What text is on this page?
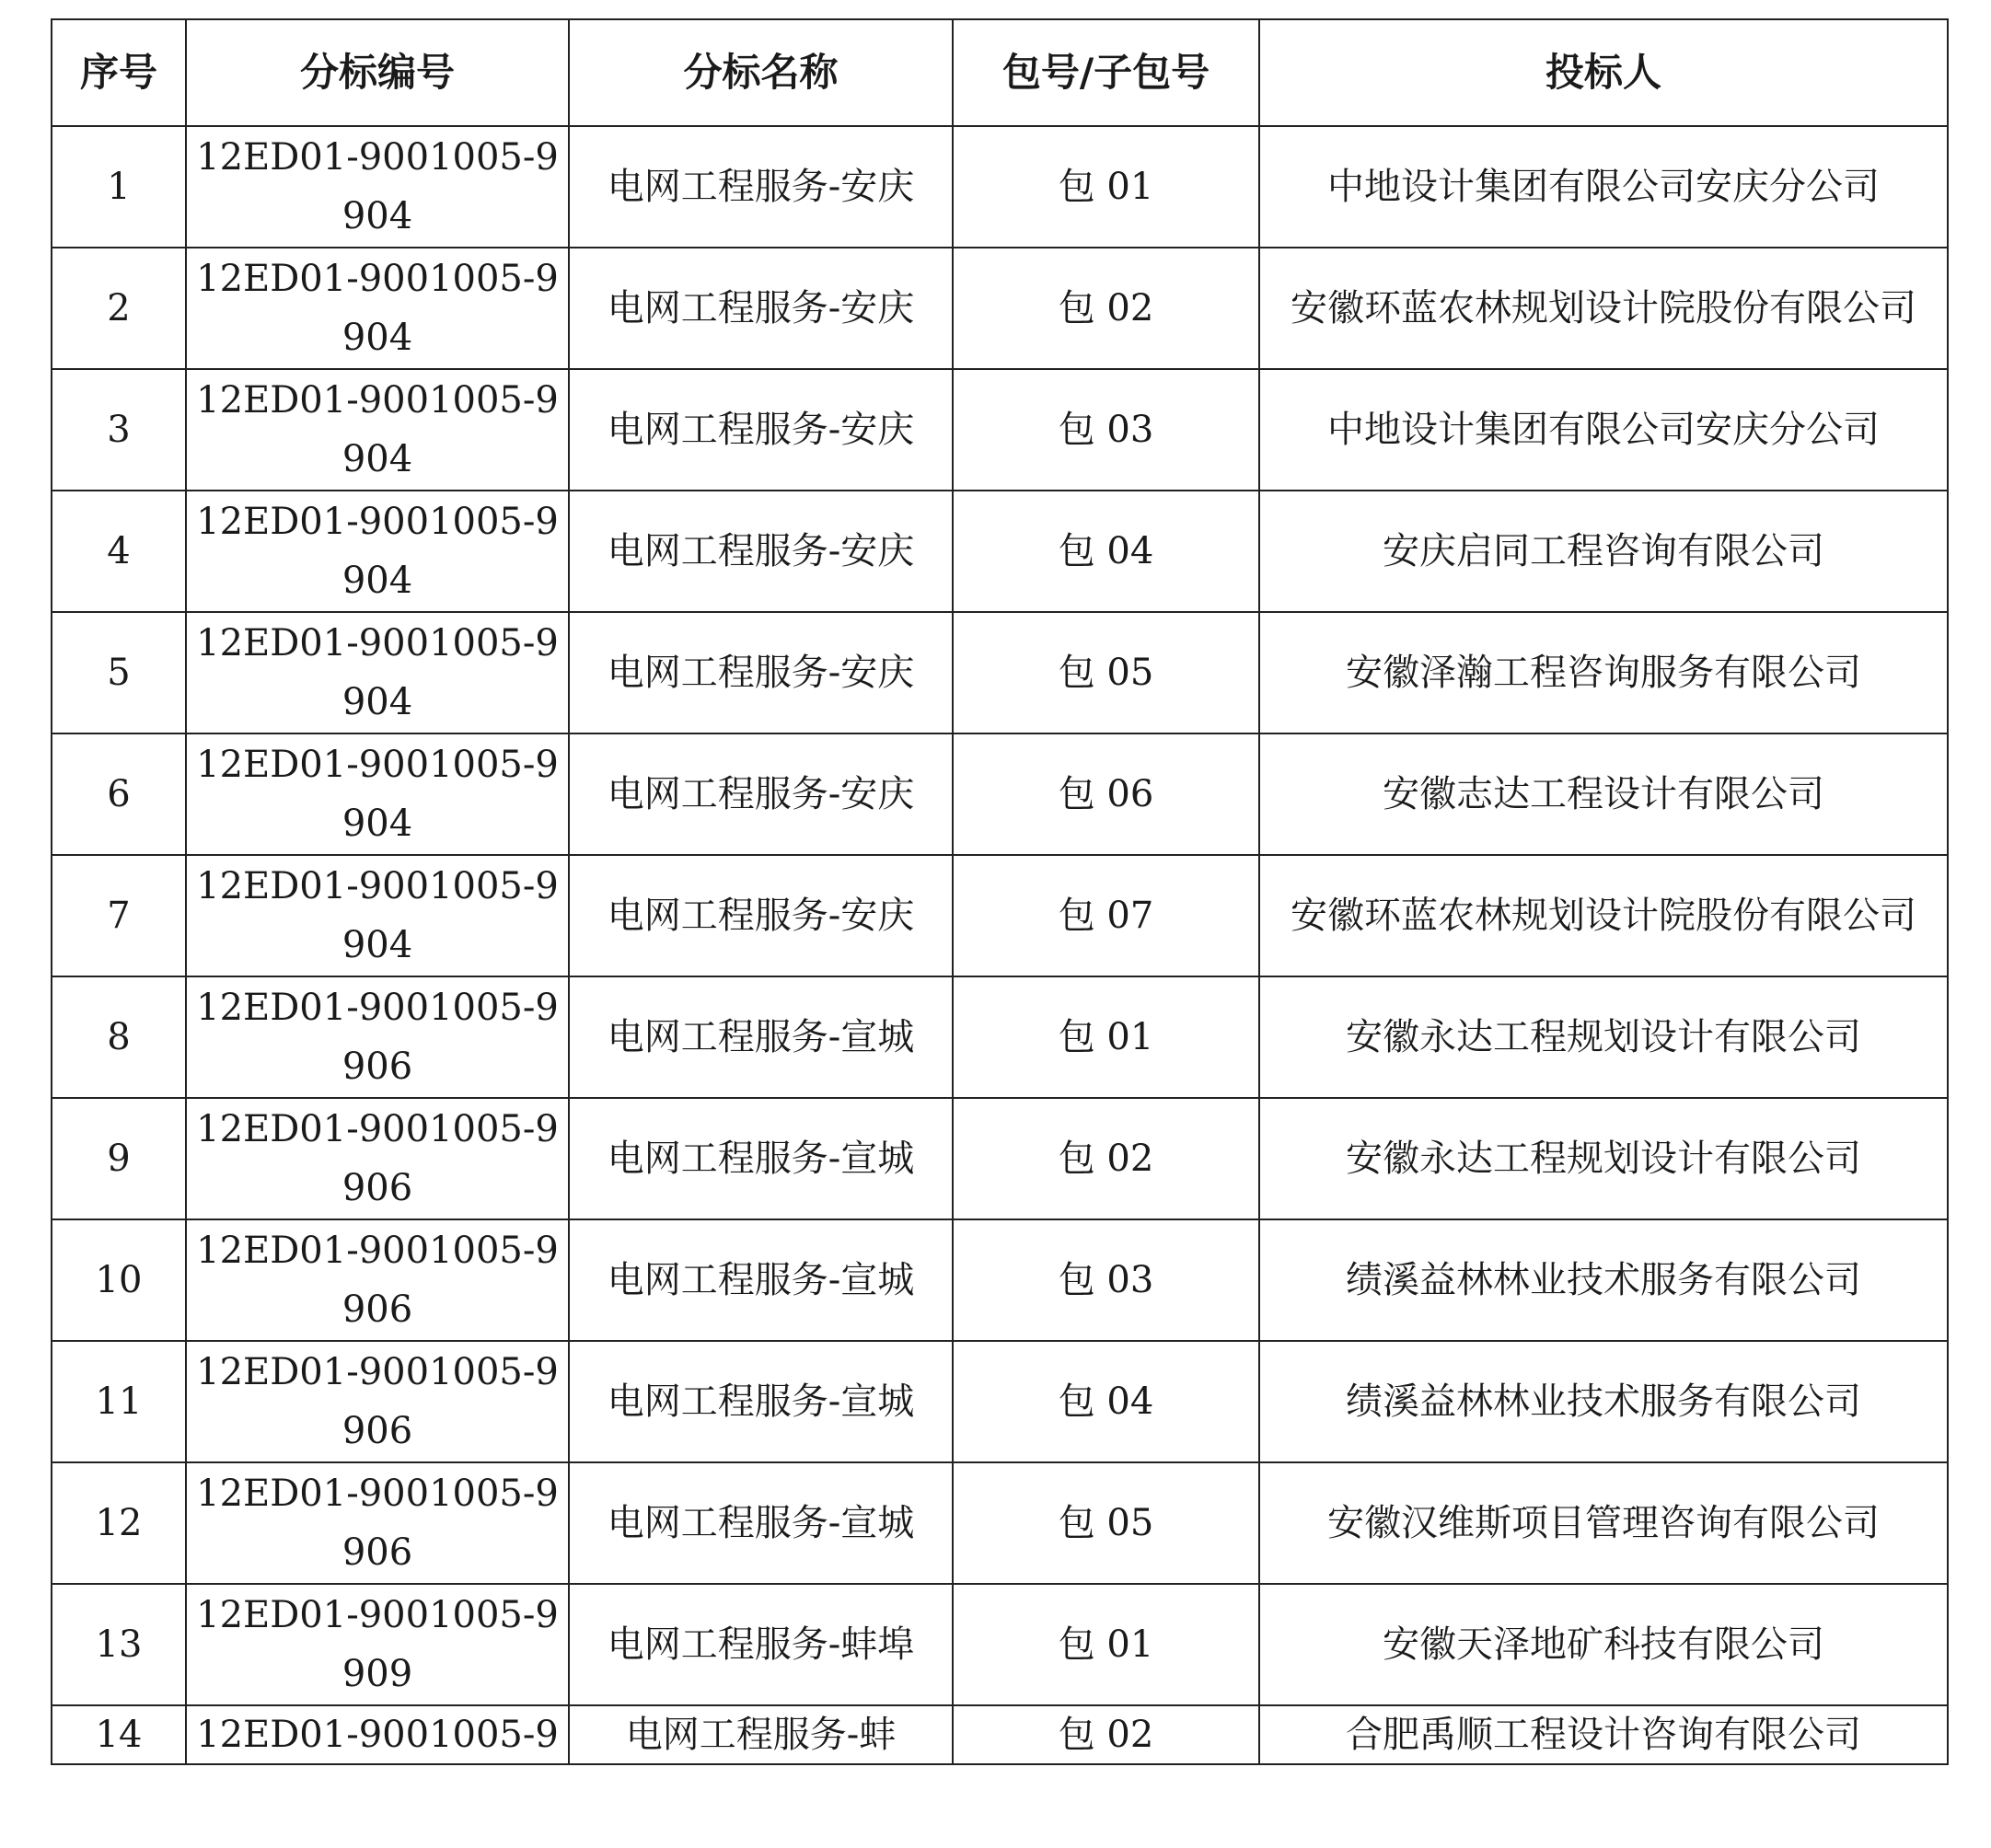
序号	分标编号	分标名称	包号/子包号	投标人

1	12ED01-9001005-9904	电网工程服务-安庆	包 01	中地设计集团有限公司安庆分公司

2	12ED01-9001005-9904	电网工程服务-安庆	包 02	安徽环蓝农林规划设计院股份有限公司

3	12ED01-9001005-9904	电网工程服务-安庆	包 03	中地设计集团有限公司安庆分公司

4	12ED01-9001005-9904	电网工程服务-安庆	包 04	安庆启同工程咨询有限公司

5	12ED01-9001005-9904	电网工程服务-安庆	包 05	安徽泽瀚工程咨询服务有限公司

6	12ED01-9001005-9904	电网工程服务-安庆	包 06	安徽志达工程设计有限公司

7	12ED01-9001005-9904	电网工程服务-安庆	包 07	安徽环蓝农林规划设计院股份有限公司

8	12ED01-9001005-9906	电网工程服务-宣城	包 01	安徽永达工程规划设计有限公司

9	12ED01-9001005-9906	电网工程服务-宣城	包 02	安徽永达工程规划设计有限公司

10	12ED01-9001005-9906	电网工程服务-宣城	包 03	绩溪益林林业技术服务有限公司

11	12ED01-9001005-9906	电网工程服务-宣城	包 04	绩溪益林林业技术服务有限公司

12	12ED01-9001005-9906	电网工程服务-宣城	包 05	安徽汉维斯项目管理咨询有限公司

13	12ED01-9001005-9909	电网工程服务-蚌埠	包 01	安徽天泽地矿科技有限公司

14	12ED01-9001005-9	电网工程服务-蚌	包 02	合肥禹顺工程设计咨询有限公司
